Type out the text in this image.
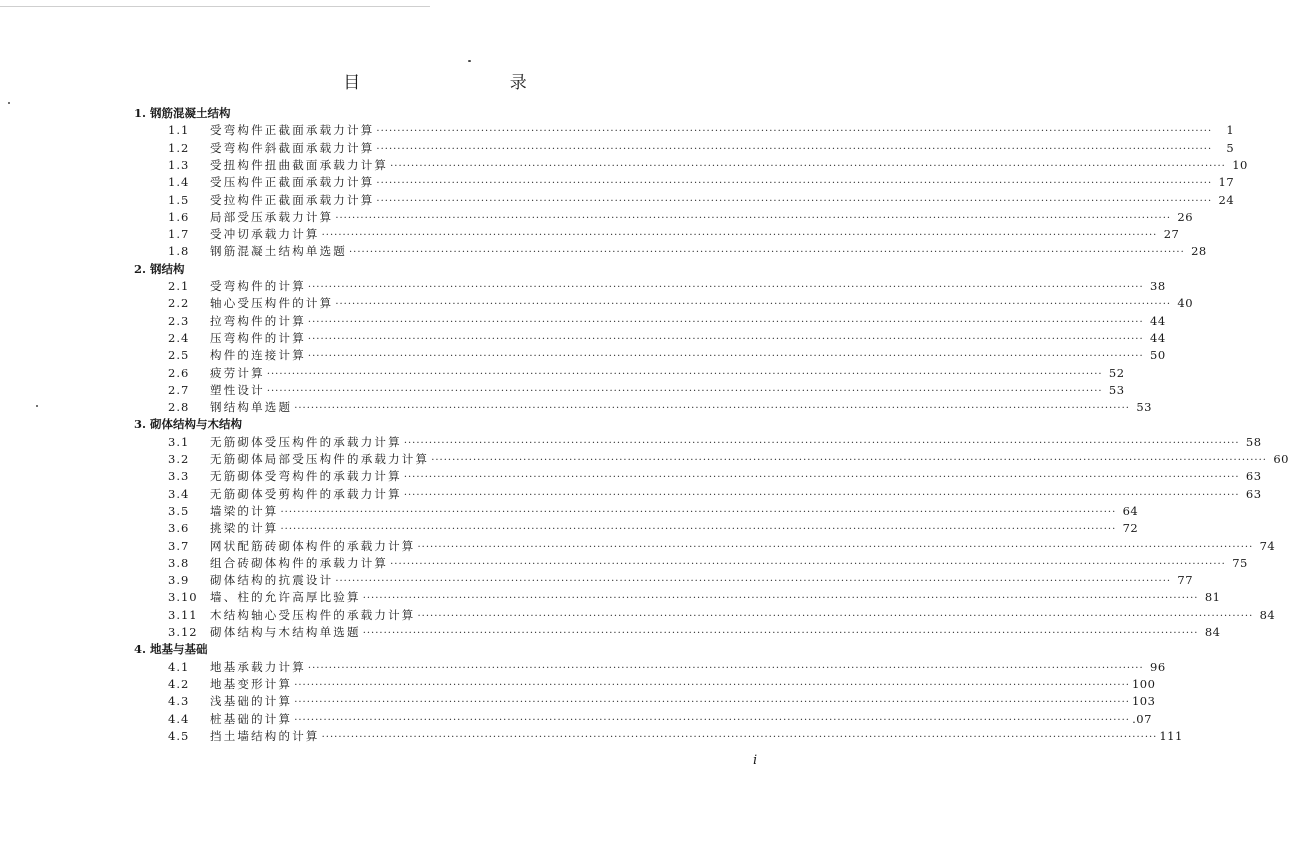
目 录
1. 钢筋混凝土结构
1.1	受弯构件正截面承载力计算 ········································································································································································································	1
1.2	受弯构件斜截面承载力计算 ········································································································································································································	5
1.3	受扭构件扭曲截面承载力计算 ········································································································································································································ 10
1.4	受压构件正截面承载力计算 ········································································································································································································ 17
1.5	受拉构件正截面承载力计算 ········································································································································································································ 24
1.6	局部受压承载力计算 ········································································································································································································ 26
1.7	受冲切承载力计算 ········································································································································································································ 27
1.8	钢筋混凝土结构单选题 ········································································································································································································ 28
2. 钢结构
2.1	受弯构件的计算 ········································································································································································································ 38
2.2	轴心受压构件的计算 ········································································································································································································ 40
2.3	拉弯构件的计算 ········································································································································································································ 44
2.4	压弯构件的计算 ········································································································································································································ 44
2.5	构件的连接计算 ········································································································································································································ 50
2.6	疲劳计算 ········································································································································································································ 52
2.7	塑性设计 ········································································································································································································ 53
2.8	钢结构单选题 ········································································································································································································ 53
3. 砌体结构与木结构
3.1	无筋砌体受压构件的承载力计算 ········································································································································································································ 58
3.2	无筋砌体局部受压构件的承载力计算 ········································································································································································································ 60
3.3	无筋砌体受弯构件的承载力计算 ········································································································································································································ 63
3.4	无筋砌体受剪构件的承载力计算 ········································································································································································································ 63
3.5	墙梁的计算 ········································································································································································································ 64
3.6	挑梁的计算 ········································································································································································································ 72
3.7	网状配筋砖砌体构件的承载力计算 ········································································································································································································ 74
3.8	组合砖砌体构件的承载力计算 ········································································································································································································ 75
3.9	砌体结构的抗震设计 ········································································································································································································ 77
3.10	墙、柱的允许高厚比验算 ········································································································································································································ 81
3.11	木结构轴心受压构件的承载力计算 ········································································································································································································ 84
3.12	砌体结构与木结构单选题 ········································································································································································································ 84
4. 地基与基础
4.1	地基承载力计算 ········································································································································································································ 96
4.2	地基变形计算 ········································································································································································································ 100
4.3	浅基础的计算 ········································································································································································································ 103
4.4	桩基础的计算 ········································································································································································································ .07
4.5	挡土墙结构的计算 ········································································································································································································ 111
i
